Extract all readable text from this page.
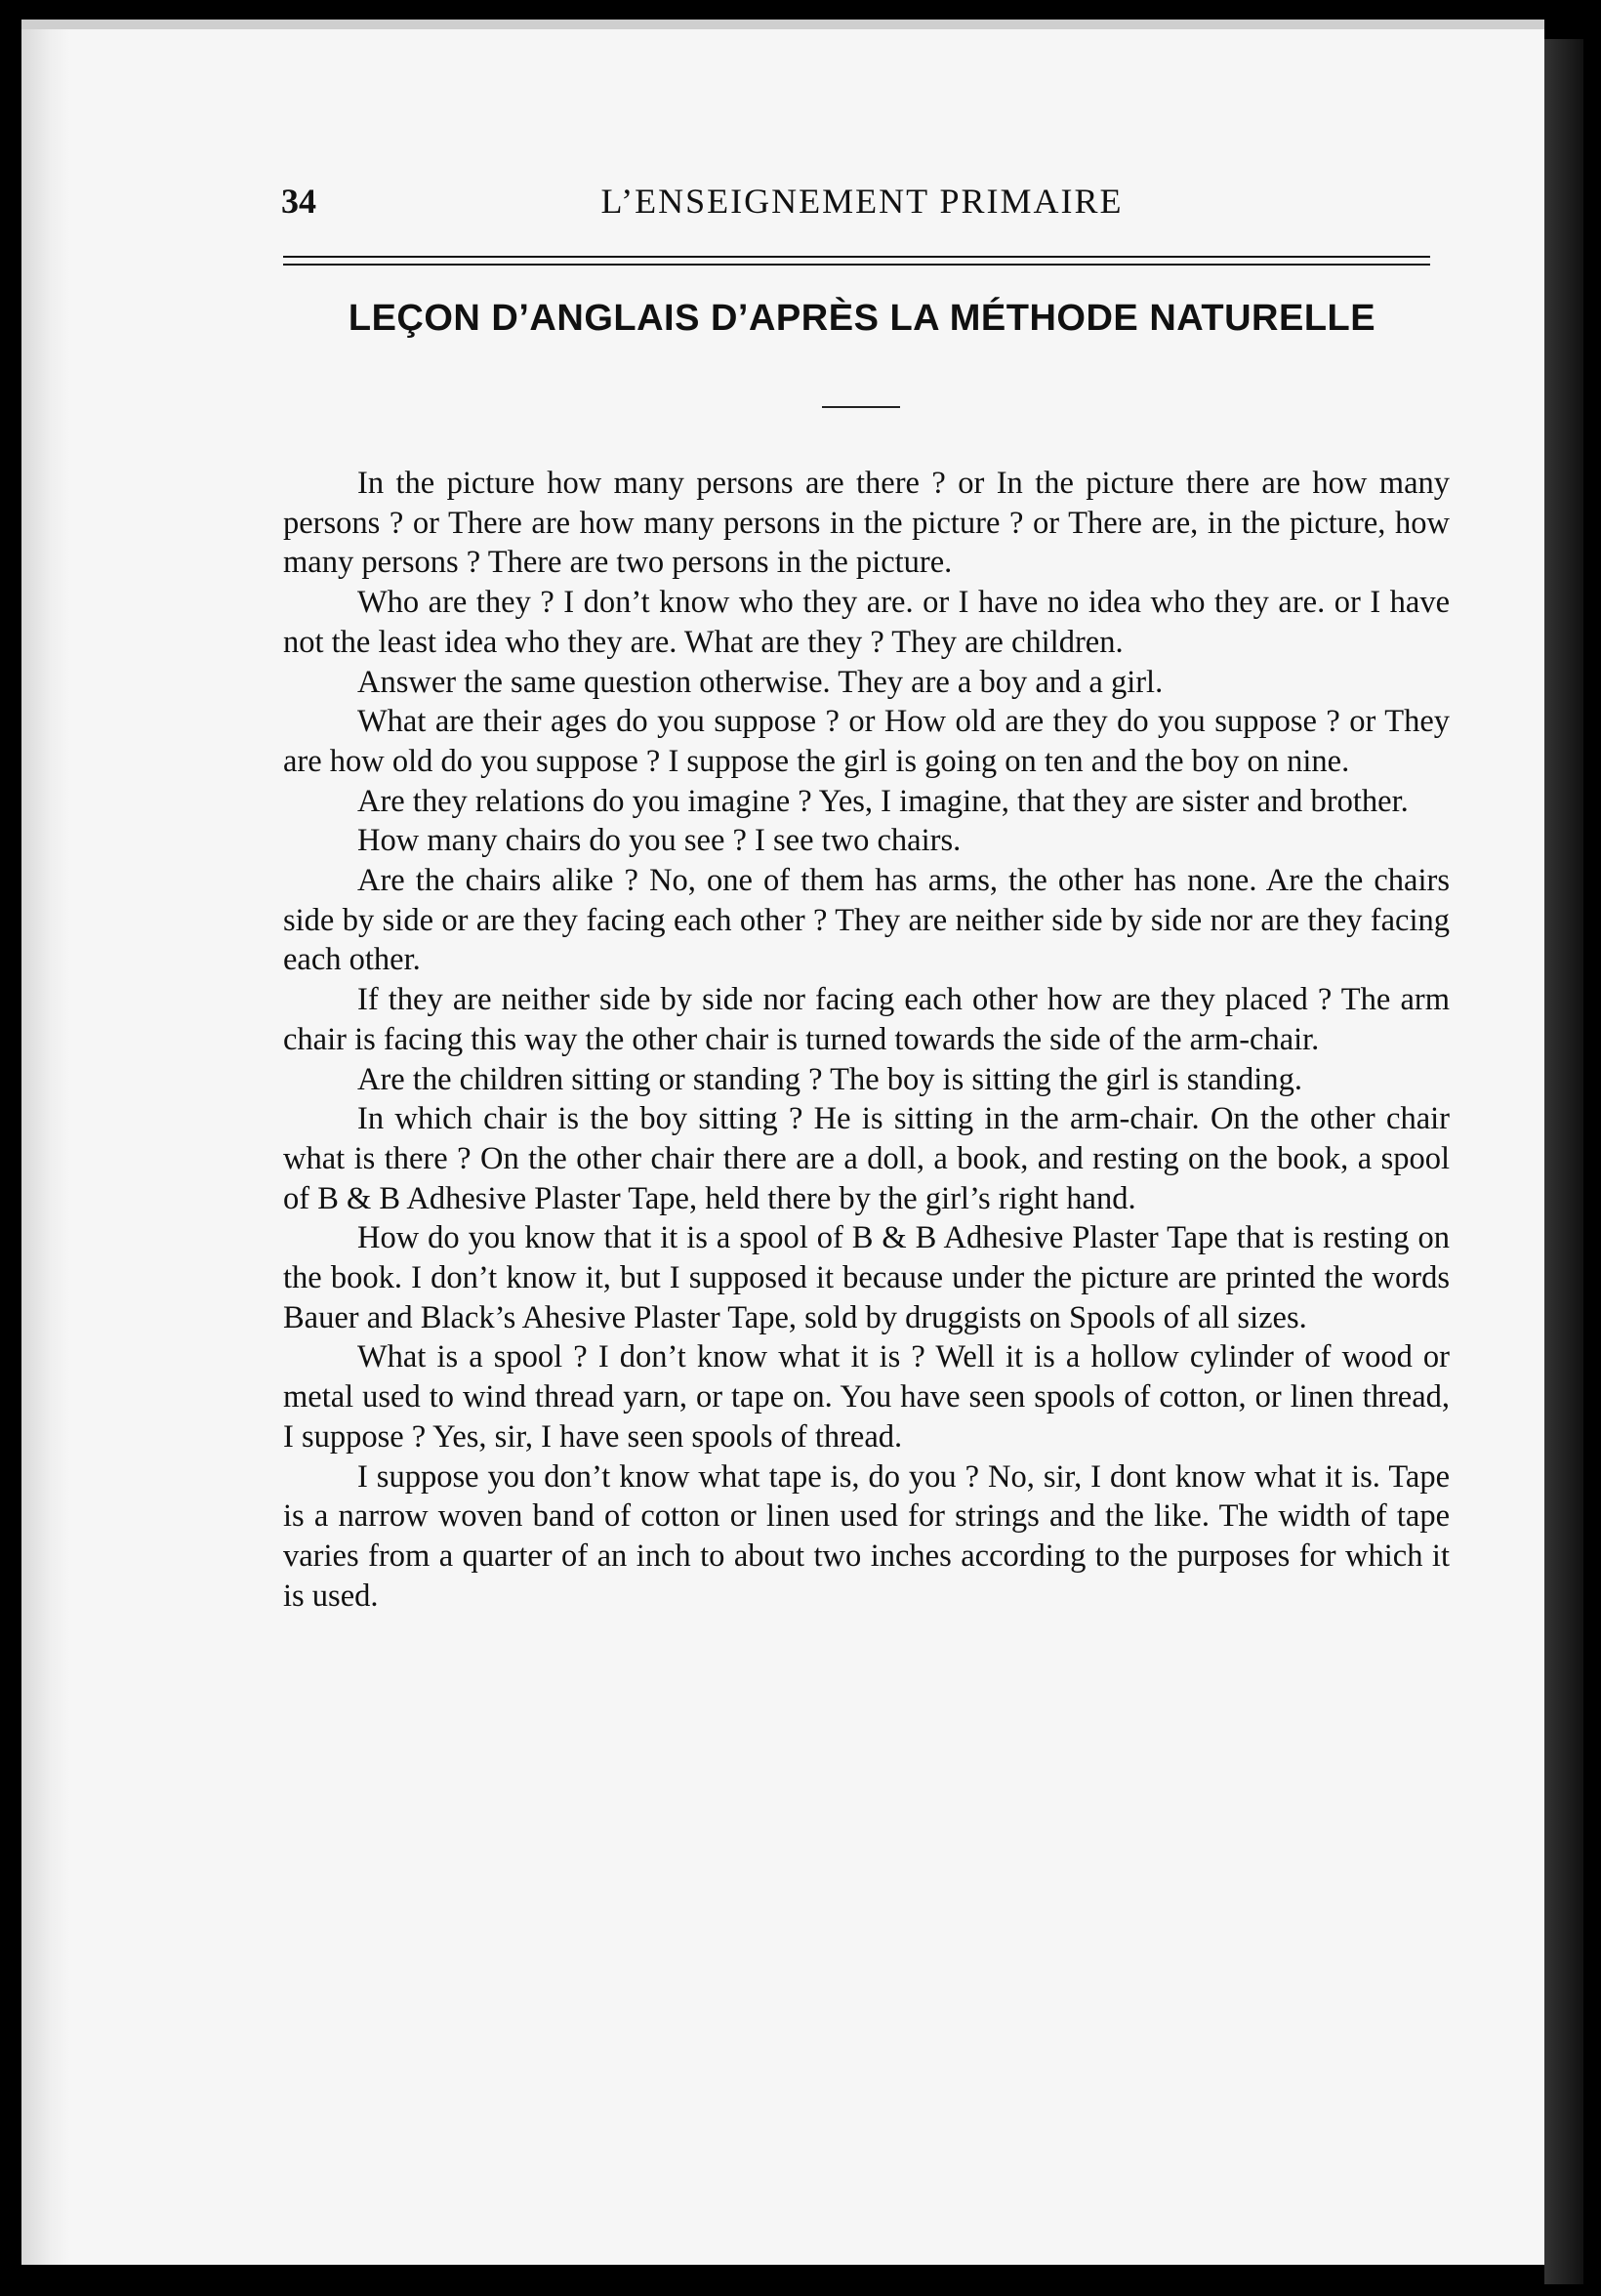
34	L’ENSEIGNEMENT PRIMAIRE
LEÇON D’ANGLAIS D’APRÈS LA MÉTHODE NATURELLE

In the picture how many persons are there ? or In the picture there are how many persons ? or There are how many persons in the picture ? or There are, in the picture, how many persons ? There are two persons in the picture.

Who are they ? I don’t know who they are. or I have no idea who they are. or I have not the least idea who they are. What are they ? They are children.

Answer the same question otherwise. They are a boy and a girl.

What are their ages do you suppose ? or How old are they do you suppose ? or They are how old do you suppose ? I suppose the girl is going on ten and the boy on nine.

Are they relations do you imagine ? Yes, I imagine, that they are sister and brother.

How many chairs do you see ? I see two chairs.

Are the chairs alike ? No, one of them has arms, the other has none. Are the chairs side by side or are they facing each other ? They are neither side by side nor are they facing each other.

If they are neither side by side nor facing each other how are they placed ? The arm chair is facing this way the other chair is turned towards the side of the arm-chair.

Are the children sitting or standing ? The boy is sitting the girl is standing.

In which chair is the boy sitting ? He is sitting in the arm-chair. On the other chair what is there ? On the other chair there are a doll, a book, and resting on the book, a spool of B & B Adhesive Plaster Tape, held there by the girl’s right hand.

How do you know that it is a spool of B & B Adhesive Plaster Tape that is resting on the book. I don’t know it, but I supposed it because under the picture are printed the words Bauer and Black’s Ahesive Plaster Tape, sold by druggists on Spools of all sizes.

What is a spool ? I don’t know what it is ? Well it is a hollow cylinder of wood or metal used to wind thread yarn, or tape on. You have seen spools of cotton, or linen thread, I suppose ? Yes, sir, I have seen spools of thread.

I suppose you don’t know what tape is, do you ? No, sir, I dont know what it is. Tape is a narrow woven band of cotton or linen used for strings and the like. The width of tape varies from a quarter of an inch to about two inches according to the purposes for which it is used.
